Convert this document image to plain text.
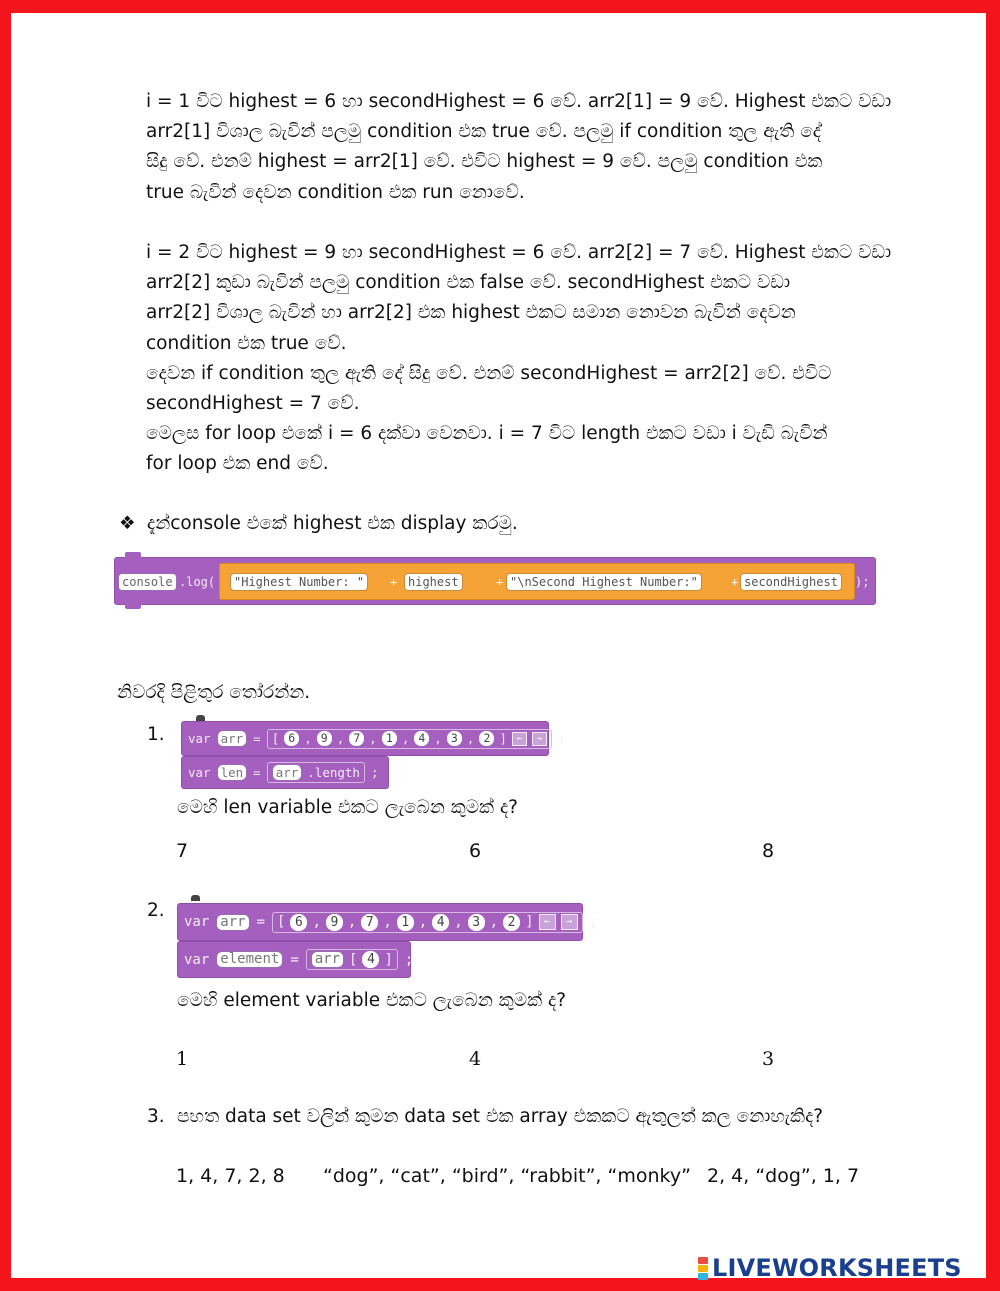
i = 1 විට highest = 6 හා secondHighest = 6 වේ. arr2[1] = 9 වේ. Highest එකට වඩා
arr2[1] විශාල බැවින් පලමු condition එක true වේ. පලමු if condition තුල ඇති දේ
සිදු වේ. එනම් highest = arr2[1] වේ. එවිට highest = 9 වේ. පලමු condition එක
true බැවින් දෙවන condition එක run නොවේ.

i = 2 විට highest = 9 හා secondHighest = 6 වේ. arr2[2] = 7 වේ. Highest එකට වඩා
arr2[2] කුඩා බැවින් පලමු condition එක false වේ. secondHighest එකට වඩා
arr2[2] විශාල බැවින් හා arr2[2] එක highest එකට සමාන නොවන බැවින් දෙවන
condition එක true වේ.
දෙවන if condition තුල ඇති දේ සිදු වේ. එනම් secondHighest = arr2[2] වේ. එවිට
secondHighest = 7 වේ.
මෙලස for loop එකේ i = 6 දක්වා වෙනවා. i = 7 විට length එකට වඩා i වැඩි බැවින්
for loop එක end වේ.

❖ දැන්console එකේ highest එක display කරමු.
console .log(	"Highest Number: "	+ highest	+ "\nSecond Highest Number:"	+ secondHighest	);
නිවරදි පිළිතුර තෝරන්න.
1. var arr = [ 6 , 9 , 7 , 1 , 4 , 3 , 2 ]	←	→	;
var len =	arr .length ;
මෙහි len variable එකට ලැබෙන කුමක් ද?
7	6	8
2.
var arr = [ 6 , 9 , 7 , 1 , 4 , 3 , 2 ]	←	→	;
var element = arr [ 4 ] ;
මෙහි element variable එකට ලැබෙන කුමක් ද?
1	4	3
3. පහත data set වලින් කුමන data set එක array එකකට ඇතුලත් කල නොහැකිද?
1, 4, 7, 2, 8 “dog”, “cat”, “bird”, “rabbit”, “monky” 2, 4, “dog”, 1, 7
LIVEWORKSHEETS
